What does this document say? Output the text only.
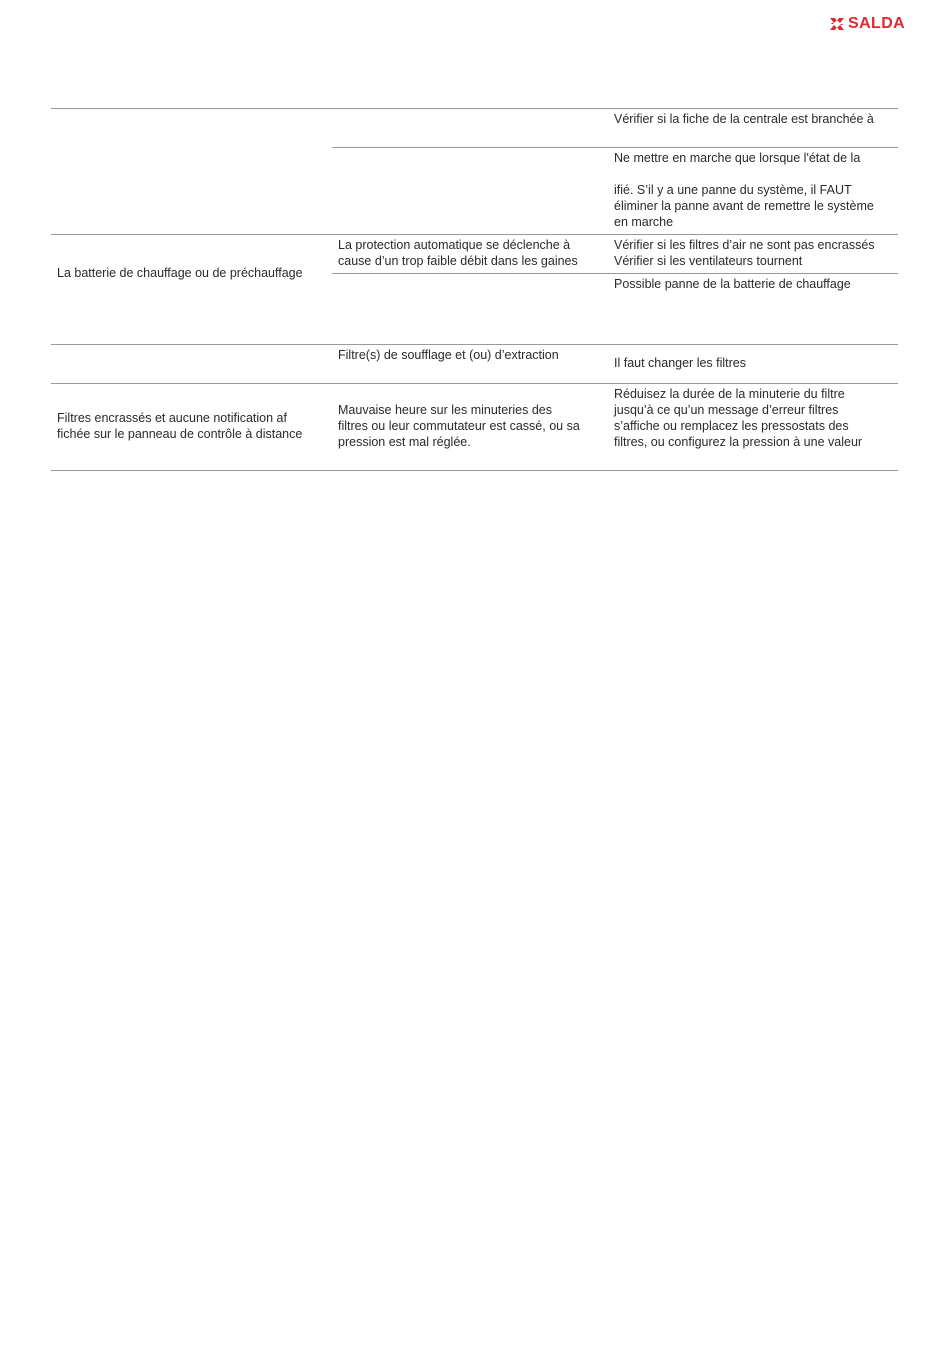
SALDA
Vérifier si la fiche de la centrale est branchée à
Ne mettre en marche que lorsque l'état de la
ifié. S’il y a une panne du système, il FAUT
éliminer la panne avant de remettre le système
en marche
La batterie de chauffage ou de préchauffage
La protection automatique se déclenche à
cause d’un trop faible débit dans les gaines
Vérifier si les filtres d’air ne sont pas encrassés
Vérifier si les ventilateurs tournent
Possible panne de la batterie de chauffage
Filtre(s) de soufflage et (ou) d’extraction
Il faut changer les filtres
Filtres encrassés et aucune notification af
fichée sur le panneau de contrôle à distance
Mauvaise heure sur les minuteries des
filtres ou leur commutateur est cassé, ou sa
pression est mal réglée.
Réduisez la durée de la minuterie du filtre
jusqu’à ce qu’un message d’erreur filtres
s’affiche ou remplacez les pressostats des
filtres, ou configurez la pression à une valeur
